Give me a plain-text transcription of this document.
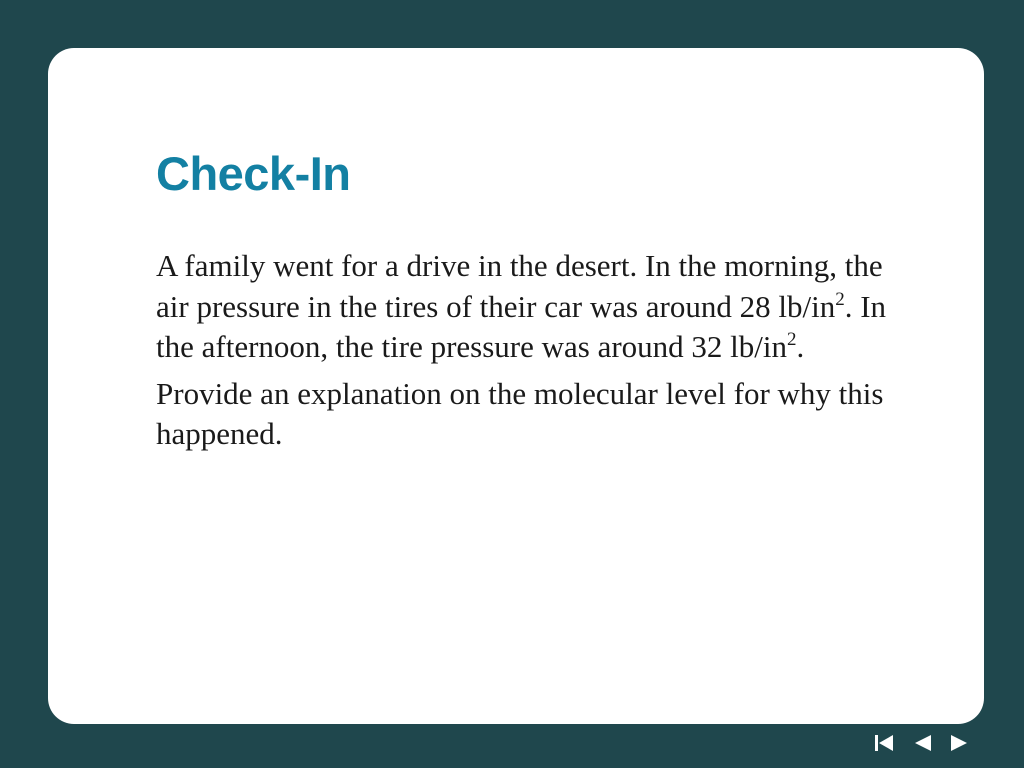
Check-In

A family went for a drive in the desert. In the morning, the air pressure in the tires of their car was around 28 $lb/in^2$. In the afternoon, the tire pressure was around 32 $lb/in^2$.

Provide an explanation on the molecular level for why this happened.
